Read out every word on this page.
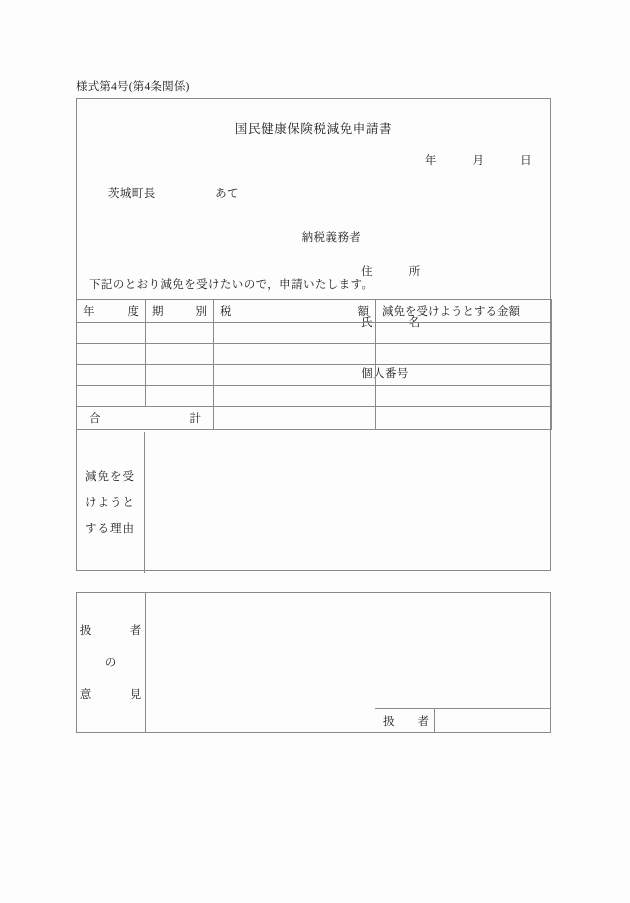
様式第4号(第4条関係)
国民健康保険税減免申請書
年　　　月　　　日
茨城町長　　　　　あて

納税義務者

住　　　所

氏　　　名

個人番号

下記のとおり減免を受けたいので，申請いたします。
年 度	期 別	税 額	減免を受けようとする金額

合 計			

減免を受
けようと
する理由
扱　　　者
の
意　　　見
扱　　者
